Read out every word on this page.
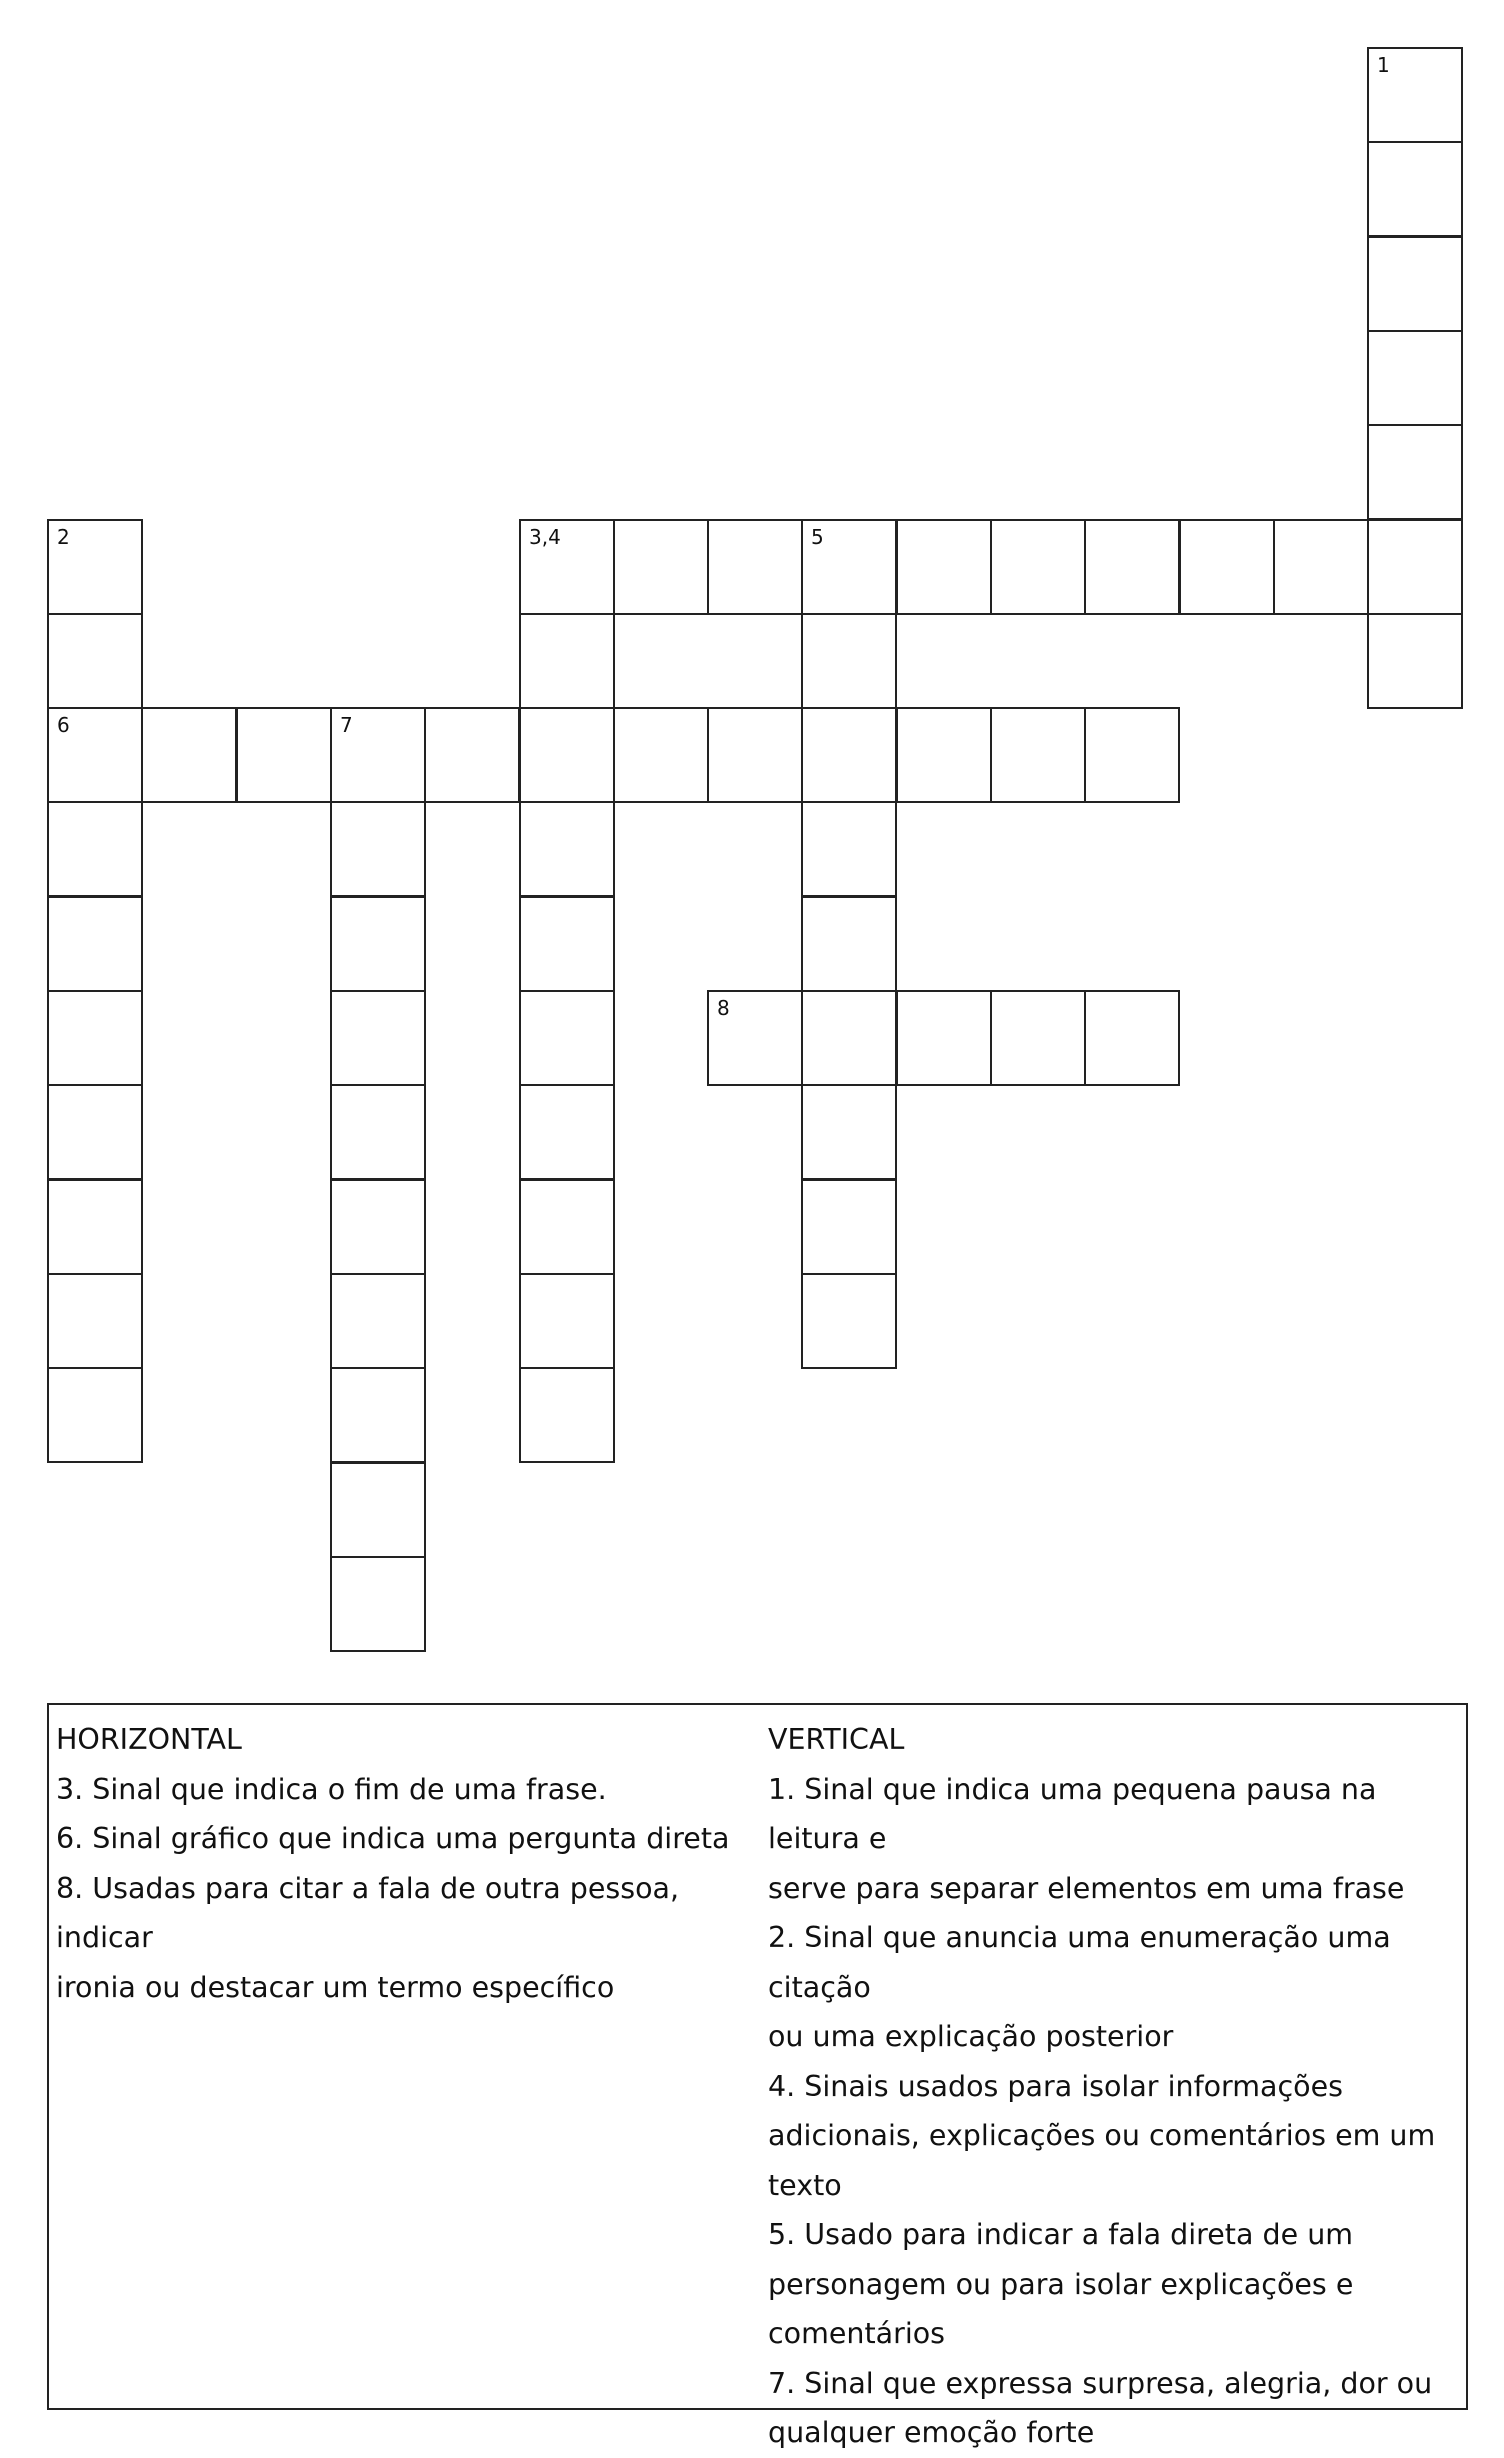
1
2	3,4	5
6	7
8
HORIZONTAL
3. Sinal que indica o fim de uma frase.
6. Sinal gráfico que indica uma pergunta direta
8. Usadas para citar a fala de outra pessoa, indicar
ironia ou destacar um termo específico
VERTICAL
1. Sinal que indica uma pequena pausa na leitura e
serve para separar elementos em uma frase
2. Sinal que anuncia uma enumeração uma citação
ou uma explicação posterior
4. Sinais usados para isolar informações
adicionais, explicações ou comentários em um
texto
5. Usado para indicar a fala direta de um
personagem ou para isolar explicações e
comentários
7. Sinal que expressa surpresa, alegria, dor ou
qualquer emoção forte
